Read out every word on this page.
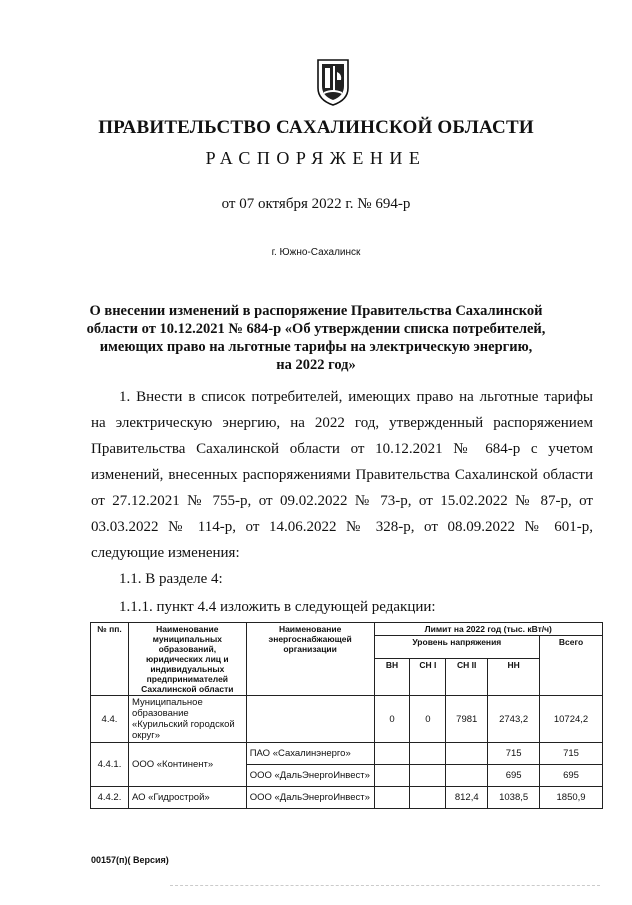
ПРАВИТЕЛЬСТВО САХАЛИНСКОЙ ОБЛАСТИ
РАСПОРЯЖЕНИЕ
от 07 октября 2022 г. № 694-р
г. Южно-Сахалинск
О внесении изменений в распоряжение Правительства Сахалинской
области от 10.12.2021 № 684-р «Об утверждении списка потребителей,
имеющих право на льготные тарифы на электрическую энергию,
на 2022 год»
1. Внести в список потребителей, имеющих право на льготные тарифы
на электрическую энергию, на 2022 год, утвержденный распоряжением
Правительства Сахалинской области от 10.12.2021 № 684-р с учетом
изменений, внесенных распоряжениями Правительства Сахалинской области
от 27.12.2021 № 755-р, от 09.02.2022 № 73-р, от 15.02.2022 № 87-р, от
03.03.2022 № 114-р, от 14.06.2022 № 328-р, от 08.09.2022 № 601-р,
следующие изменения:
1.1. В разделе 4:
1.1.1. пункт 4.4 изложить в следующей редакции:
№ пп.	Наименование муниципальных образований, юридических лиц и индивидуальных предпринимателей Сахалинской области	Наименование энергоснабжающей организации	Лимит на 2022 год (тыс. кВт/ч)				
			Уровень напряжения				Всего
			ВН	СН I	СН II	НН	
4.4.	Муниципальное образование «Курильский городской округ»		0	0	7981	2743,2	10724,2
4.4.1.	ООО «Континент»	ПАО «Сахалинэнерго»				715	715
		ООО «ДальЭнергоИнвест»				695	695
4.4.2.	АО «Гидрострой»	ООО «ДальЭнергоИнвест»			812,4	1038,5	1850,9
00157(п)( Версия)
